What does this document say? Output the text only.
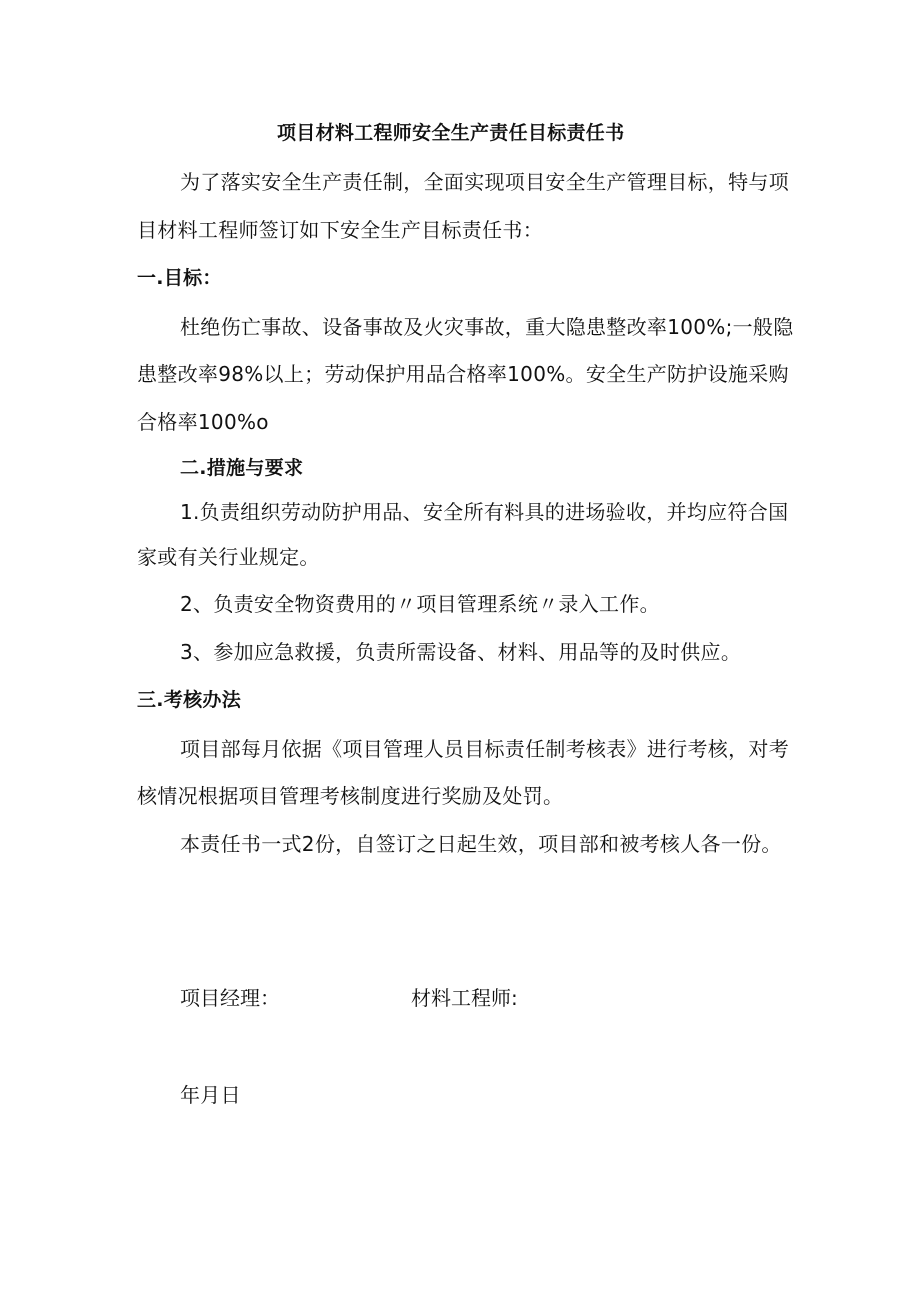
项目材料工程师安全生产责任目标责任书
为了落实安全生产责任制，全面实现项目安全生产管理目标，特与项
目材料工程师签订如下安全生产目标责任书：
一.目标：
杜绝伤亡事故、设备事故及火灾事故，重大隐患整改率100%;一般隐
患整改率98%以上；劳动保护用品合格率100%。安全生产防护设施采购
合格率100%o
二.措施与要求
1.负责组织劳动防护用品、安全所有料具的进场验收，并均应符合国
家或有关行业规定。
2、负责安全物资费用的〃项目管理系统〃录入工作。
3、参加应急救援，负责所需设备、材料、用品等的及时供应。
三.考核办法
项目部每月依据《项目管理人员目标责任制考核表》进行考核，对考
核情况根据项目管理考核制度进行奖励及处罚。
本责任书一式2份，自签订之日起生效，项目部和被考核人各一份。
项目经理：	材料工程师:
年月日
